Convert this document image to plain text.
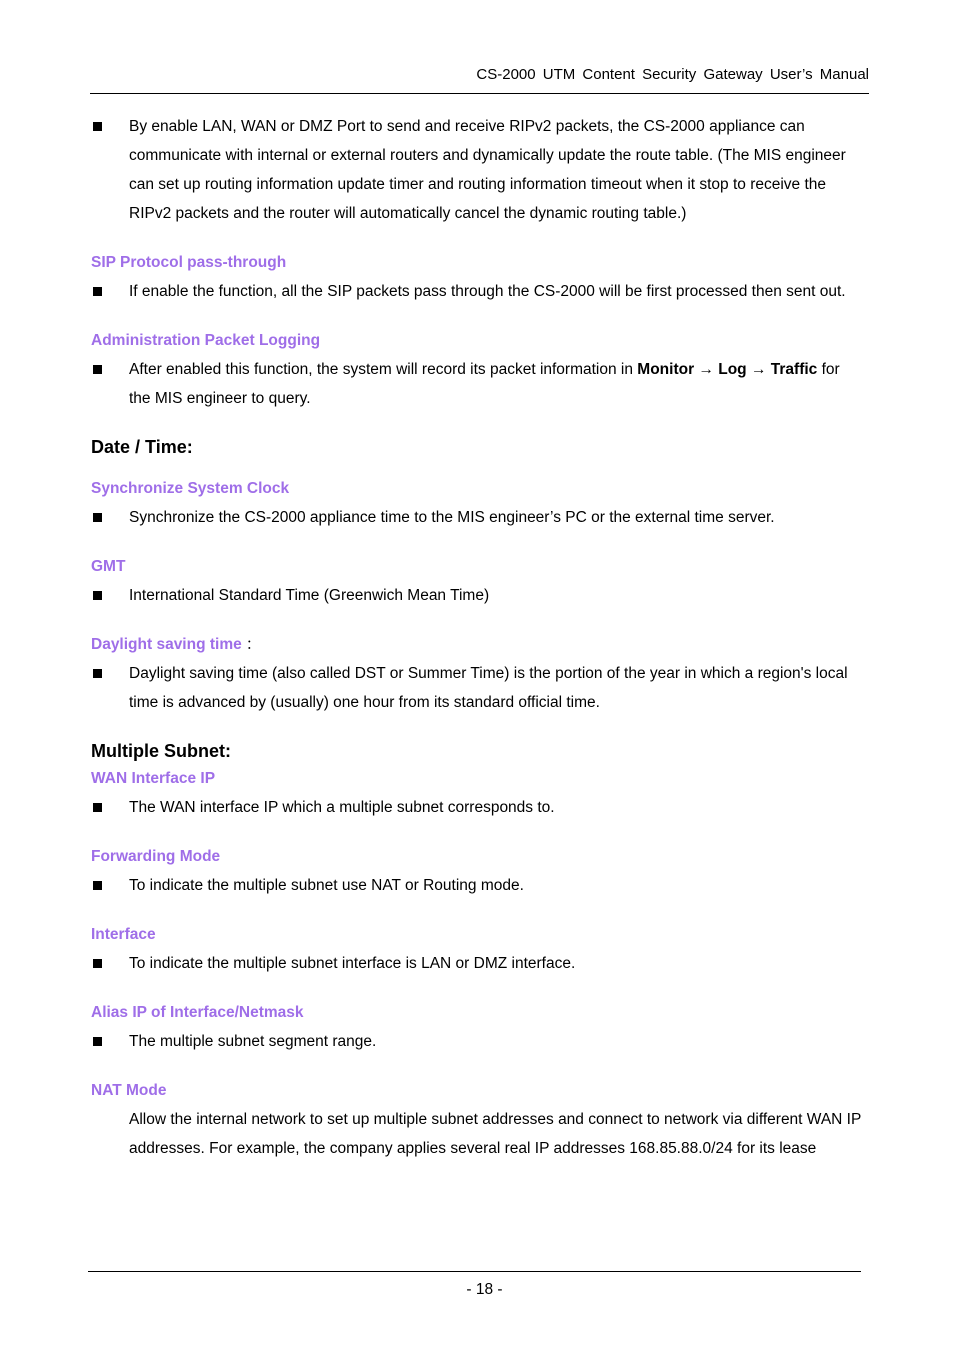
CS-2000 UTM Content Security Gateway User’s Manual
By enable LAN, WAN or DMZ Port to send and receive RIPv2 packets, the CS-2000 appliance can communicate with internal or external routers and dynamically update the route table. (The MIS engineer can set up routing information update timer and routing information timeout when it stop to receive the RIPv2 packets and the router will automatically cancel the dynamic routing table.)
SIP Protocol pass-through
If enable the function, all the SIP packets pass through the CS-2000 will be first processed then sent out.
Administration Packet Logging
After enabled this function, the system will record its packet information in Monitor → Log → Traffic for the MIS engineer to query.
Date / Time:
Synchronize System Clock
Synchronize the CS-2000 appliance time to the MIS engineer’s PC or the external time server.
GMT
International Standard Time (Greenwich Mean Time)
Daylight saving time ：
Daylight saving time (also called DST or Summer Time) is the portion of the year in which a region's local time is advanced by (usually) one hour from its standard official time.
Multiple Subnet:
WAN Interface IP
The WAN interface IP which a multiple subnet corresponds to.
Forwarding Mode
To indicate the multiple subnet use NAT or Routing mode.
Interface
To indicate the multiple subnet interface is LAN or DMZ interface.
Alias IP of Interface/Netmask
The multiple subnet segment range.
NAT Mode
Allow the internal network to set up multiple subnet addresses and connect to network via different WAN IP addresses. For example, the company applies several real IP addresses 168.85.88.0/24 for its lease
- 18 -
